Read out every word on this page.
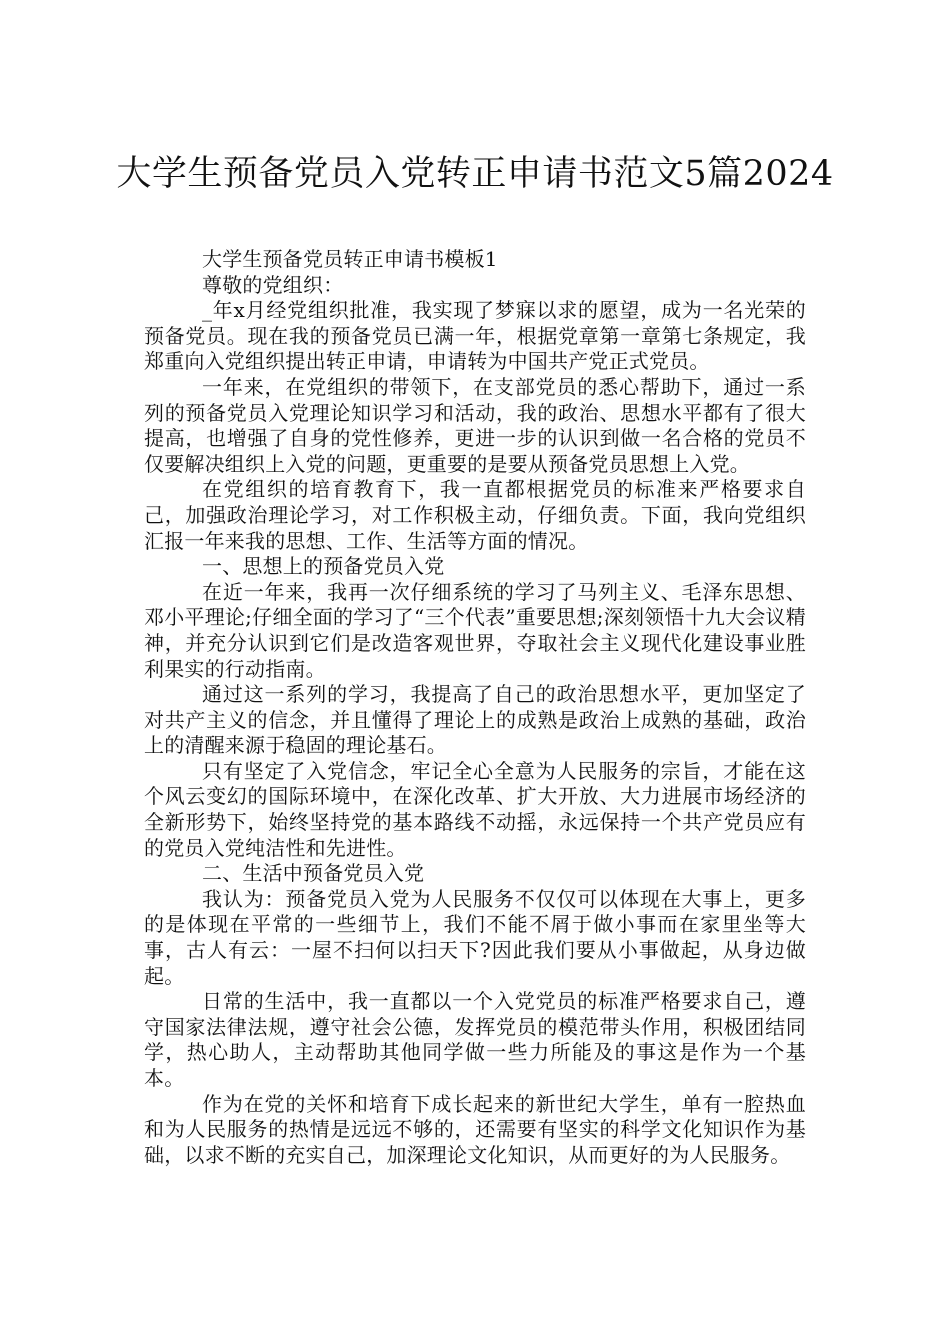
大学生预备党员入党转正申请书范文5篇2024

大学生预备党员转正申请书模板1

尊敬的党组织：

_年x月经党组织批准，我实现了梦寐以求的愿望，成为一名光荣的预备党员。现在我的预备党员已满一年，根据党章第一章第七条规定，我郑重向入党组织提出转正申请，申请转为中国共产党正式党员。

一年来，在党组织的带领下，在支部党员的悉心帮助下，通过一系列的预备党员入党理论知识学习和活动，我的政治、思想水平都有了很大提高，也增强了自身的党性修养，更进一步的认识到做一名合格的党员不仅要解决组织上入党的问题，更重要的是要从预备党员思想上入党。

在党组织的培育教育下，我一直都根据党员的标准来严格要求自己，加强政治理论学习，对工作积极主动，仔细负责。下面，我向党组织汇报一年来我的思想、工作、生活等方面的情况。

一、思想上的预备党员入党

在近一年来，我再一次仔细系统的学习了马列主义、毛泽东思想、邓小平理论;仔细全面的学习了“三个代表”重要思想;深刻领悟十九大会议精神，并充分认识到它们是改造客观世界，夺取社会主义现代化建设事业胜利果实的行动指南。

通过这一系列的学习，我提高了自己的政治思想水平，更加坚定了对共产主义的信念，并且懂得了理论上的成熟是政治上成熟的基础，政治上的清醒来源于稳固的理论基石。

只有坚定了入党信念，牢记全心全意为人民服务的宗旨，才能在这个风云变幻的国际环境中，在深化改革、扩大开放、大力进展市场经济的全新形势下，始终坚持党的基本路线不动摇，永远保持一个共产党员应有的党员入党纯洁性和先进性。

二、生活中预备党员入党

我认为：预备党员入党为人民服务不仅仅可以体现在大事上，更多的是体现在平常的一些细节上，我们不能不屑于做小事而在家里坐等大事，古人有云：一屋不扫何以扫天下?因此我们要从小事做起，从身边做起。

日常的生活中，我一直都以一个入党党员的标准严格要求自己，遵守国家法律法规，遵守社会公德，发挥党员的模范带头作用，积极团结同学，热心助人，主动帮助其他同学做一些力所能及的事这是作为一个基本。

作为在党的关怀和培育下成长起来的新世纪大学生，单有一腔热血和为人民服务的热情是远远不够的，还需要有坚实的科学文化知识作为基础，以求不断的充实自己，加深理论文化知识，从而更好的为人民服务。
